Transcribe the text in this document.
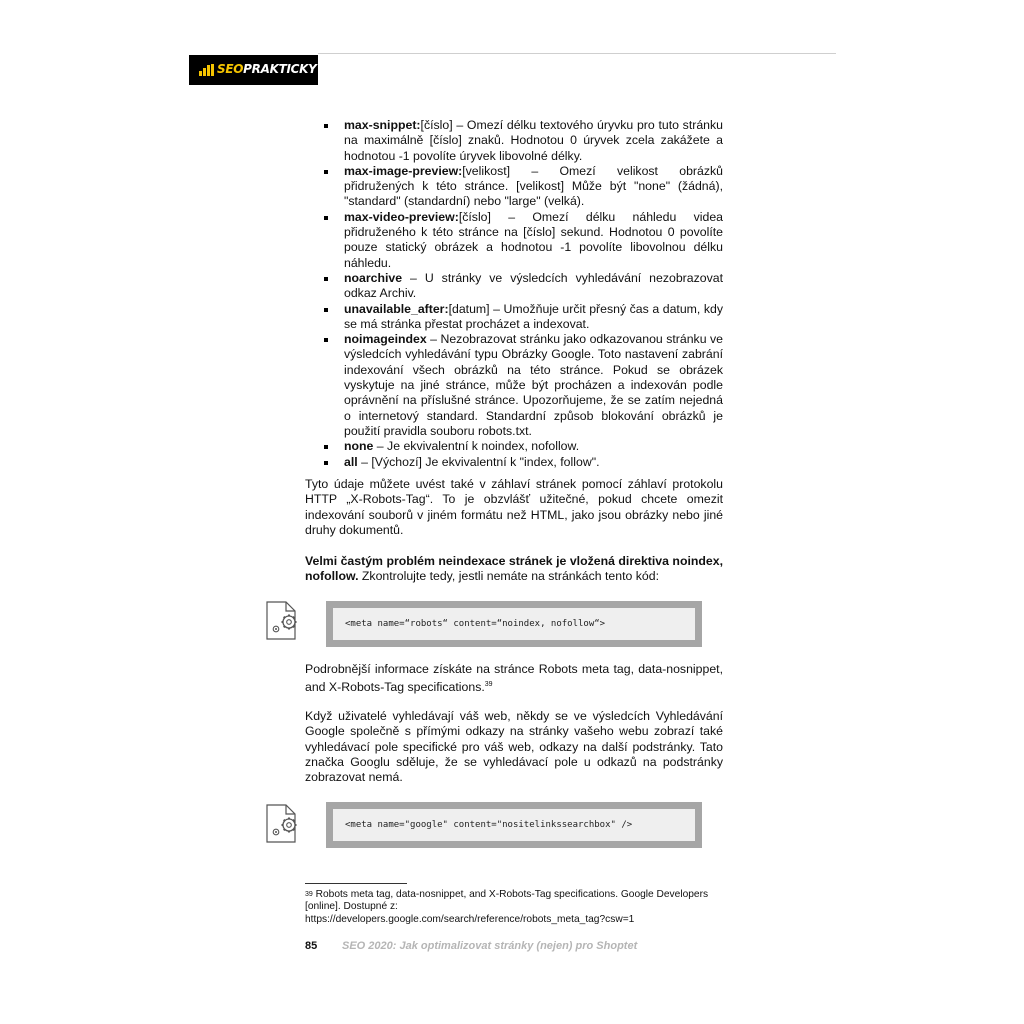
SEOPRAKTICKY
max-snippet:[číslo] – Omezí délku textového úryvku pro tuto stránku na maximálně [číslo] znaků. Hodnotou 0 úryvek zcela zakážete a hodnotou -1 povolíte úryvek libovolné délky.
max-image-preview:[velikost] – Omezí velikost obrázků přidružených k této stránce. [velikost] Může být "none" (žádná), "standard" (standardní) nebo "large" (velká).
max-video-preview:[číslo] – Omezí délku náhledu videa přidruženého k této stránce na [číslo] sekund. Hodnotou 0 povolíte pouze statický obrázek a hodnotou -1 povolíte libovolnou délku náhledu.
noarchive – U stránky ve výsledcích vyhledávání nezobrazovat odkaz Archiv.
unavailable_after:[datum] – Umožňuje určit přesný čas a datum, kdy se má stránka přestat procházet a indexovat.
noimageindex – Nezobrazovat stránku jako odkazovanou stránku ve výsledcích vyhledávání typu Obrázky Google. Toto nastavení zabrání indexování všech obrázků na této stránce. Pokud se obrázek vyskytuje na jiné stránce, může být procházen a indexován podle oprávnění na příslušné stránce. Upozorňujeme, že se zatím nejedná o internetový standard. Standardní způsob blokování obrázků je použití pravidla souboru robots.txt.
none – Je ekvivalentní k noindex, nofollow.
all – [Výchozí] Je ekvivalentní k "index, follow".

Tyto údaje můžete uvést také v záhlaví stránek pomocí záhlaví protokolu HTTP „X-Robots-Tag“. To je obzvlášť užitečné, pokud chcete omezit indexování souborů v jiném formátu než HTML, jako jsou obrázky nebo jiné druhy dokumentů.

Velmi častým problém neindexace stránek je vložená direktiva noindex, nofollow. Zkontrolujte tedy, jestli nemáte na stránkách tento kód:

<meta name=“robots“ content=“noindex, nofollow“>

Podrobnější informace získáte na stránce Robots meta tag, data-nosnippet, and X-Robots-Tag specifications.$^{39}$

Když uživatelé vyhledávají váš web, někdy se ve výsledcích Vyhledávání Google společně s přímými odkazy na stránky vašeho webu zobrazí také vyhledávací pole specifické pro váš web, odkazy na další podstránky. Tato značka Googlu sděluje, že se vyhledávací pole u odkazů na podstránky zobrazovat nemá.

<meta name="google" content="nositelinkssearchbox" />
$^{39}$ Robots meta tag, data-nosnippet, and X-Robots-Tag specifications. Google Developers [online]. Dostupné z:
https://developers.google.com/search/reference/robots_meta_tag?csw=1
85 SEO 2020: Jak optimalizovat stránky (nejen) pro Shoptet
